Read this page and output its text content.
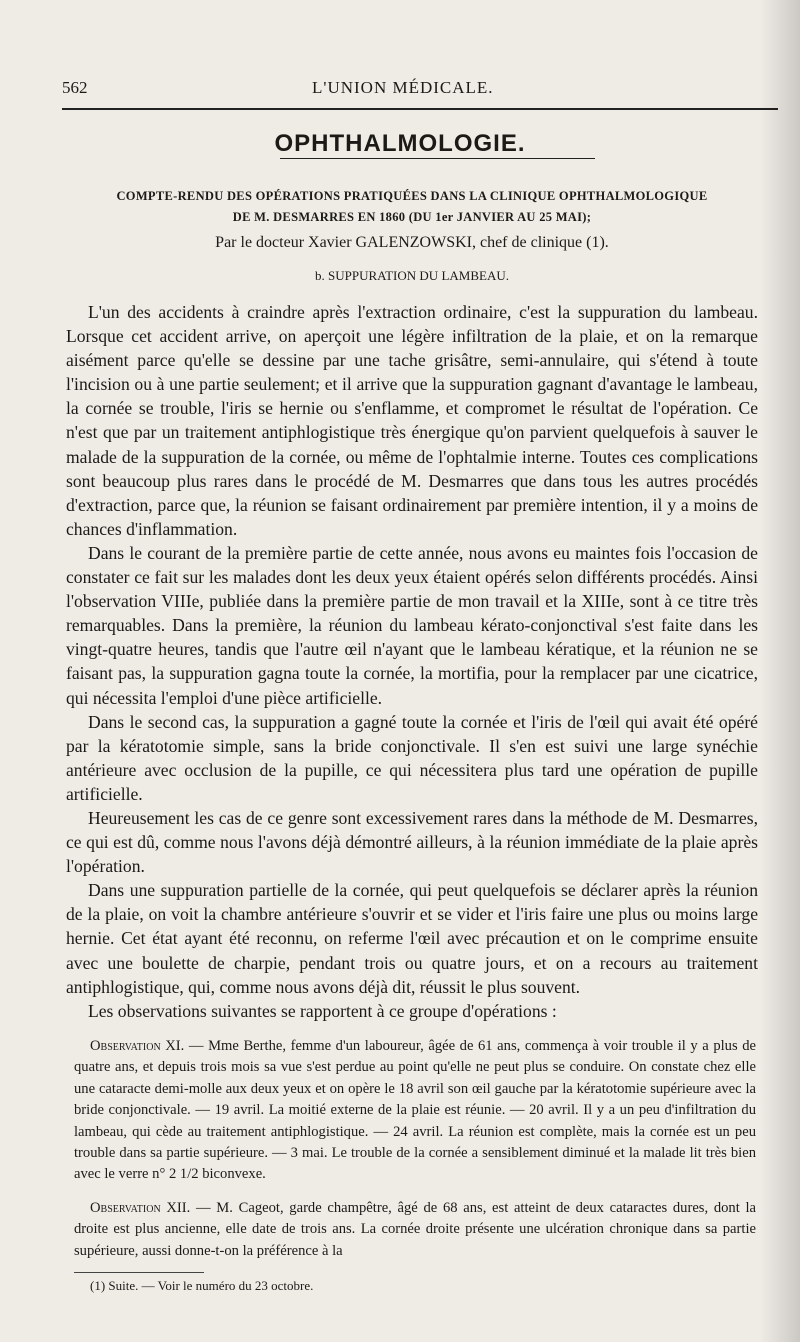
562	L'UNION MÉDICALE.
OPHTHALMOLOGIE.
COMPTE-RENDU DES OPÉRATIONS PRATIQUÉES DANS LA CLINIQUE OPHTHALMOLOGIQUE
DE M. DESMARRES EN 1860 (DU 1er JANVIER AU 25 MAI);
Par le docteur Xavier GALENZOWSKI, chef de clinique (1).
b. SUPPURATION DU LAMBEAU.

L'un des accidents à craindre après l'extraction ordinaire, c'est la suppuration du lambeau. Lorsque cet accident arrive, on aperçoit une légère infiltration de la plaie, et on la remarque aisément parce qu'elle se dessine par une tache grisâtre, semi-annulaire, qui s'étend à toute l'incision ou à une partie seulement; et il arrive que la suppuration gagnant d'avantage le lambeau, la cornée se trouble, l'iris se hernie ou s'enflamme, et compromet le résultat de l'opération. Ce n'est que par un traitement antiphlogistique très énergique qu'on parvient quelquefois à sauver le malade de la suppuration de la cornée, ou même de l'ophtalmie interne. Toutes ces complications sont beaucoup plus rares dans le procédé de M. Desmarres que dans tous les autres procédés d'extraction, parce que, la réunion se faisant ordinairement par première intention, il y a moins de chances d'inflammation.

Dans le courant de la première partie de cette année, nous avons eu maintes fois l'occasion de constater ce fait sur les malades dont les deux yeux étaient opérés selon différents procédés. Ainsi l'observation VIIIe, publiée dans la première partie de mon travail et la XIIIe, sont à ce titre très remarquables. Dans la première, la réunion du lambeau kérato-conjonctival s'est faite dans les vingt-quatre heures, tandis que l'autre œil n'ayant que le lambeau kératique, et la réunion ne se faisant pas, la suppuration gagna toute la cornée, la mortifia, pour la remplacer par une cicatrice, qui nécessita l'emploi d'une pièce artificielle.

Dans le second cas, la suppuration a gagné toute la cornée et l'iris de l'œil qui avait été opéré par la kératotomie simple, sans la bride conjonctivale. Il s'en est suivi une large synéchie antérieure avec occlusion de la pupille, ce qui nécessitera plus tard une opération de pupille artificielle.

Heureusement les cas de ce genre sont excessivement rares dans la méthode de M. Desmarres, ce qui est dû, comme nous l'avons déjà démontré ailleurs, à la réunion immédiate de la plaie après l'opération.

Dans une suppuration partielle de la cornée, qui peut quelquefois se déclarer après la réunion de la plaie, on voit la chambre antérieure s'ouvrir et se vider et l'iris faire une plus ou moins large hernie. Cet état ayant été reconnu, on referme l'œil avec précaution et on le comprime ensuite avec une boulette de charpie, pendant trois ou quatre jours, et on a recours au traitement antiphlogistique, qui, comme nous avons déjà dit, réussit le plus souvent.

Les observations suivantes se rapportent à ce groupe d'opérations :

Observation XI. — Mme Berthe, femme d'un laboureur, âgée de 61 ans, commença à voir trouble il y a plus de quatre ans, et depuis trois mois sa vue s'est perdue au point qu'elle ne peut plus se conduire. On constate chez elle une cataracte demi-molle aux deux yeux et on opère le 18 avril son œil gauche par la kératotomie supérieure avec la bride conjonctivale. — 19 avril. La moitié externe de la plaie est réunie. — 20 avril. Il y a un peu d'infiltration du lambeau, qui cède au traitement antiphlogistique. — 24 avril. La réunion est complète, mais la cornée est un peu trouble dans sa partie supérieure. — 3 mai. Le trouble de la cornée a sensiblement diminué et la malade lit très bien avec le verre n° 2 1/2 biconvexe.

Observation XII. — M. Cageot, garde champêtre, âgé de 68 ans, est atteint de deux cataractes dures, dont la droite est plus ancienne, elle date de trois ans. La cornée droite présente une ulcération chronique dans sa partie supérieure, aussi donne-t-on la préférence à la

(1) Suite. — Voir le numéro du 23 octobre.
